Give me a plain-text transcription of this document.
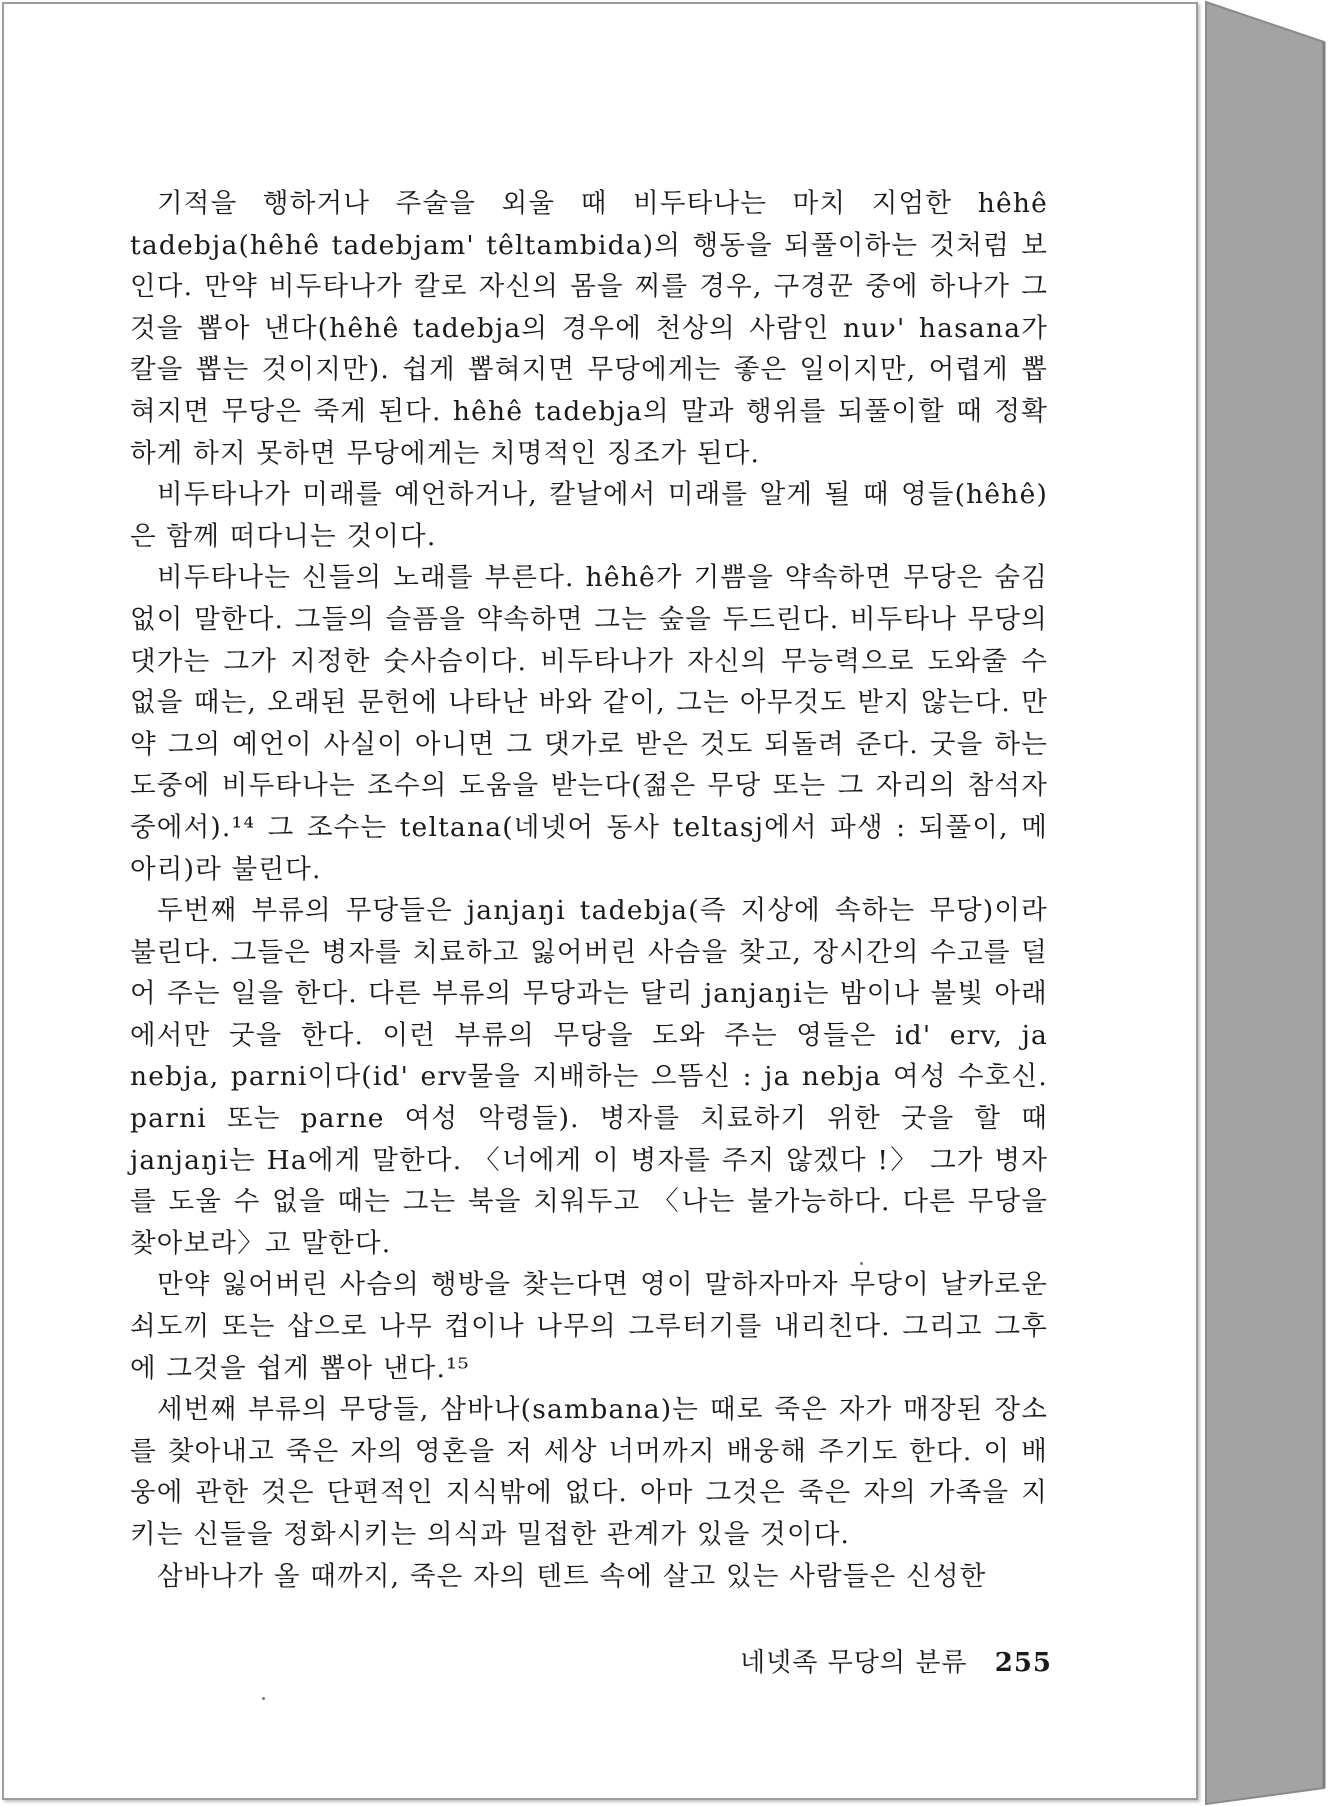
기적을 행하거나 주술을 외울 때 비두타나는 마치 지엄한 hêhê tadebja(hêhê tadebjam' têltambida)의 행동을 되풀이하는 것처럼 보인다. 만약 비두타나가 칼로 자신의 몸을 찌를 경우, 구경꾼 중에 하나가 그것을 뽑아 낸다(hêhê tadebja의 경우에 천상의 사람인 nuν' hasana가 칼을 뽑는 것이지만). 쉽게 뽑혀지면 무당에게는 좋은 일이지만, 어렵게 뽑혀지면 무당은 죽게 된다. hêhê tadebja의 말과 행위를 되풀이할 때 정확하게 하지 못하면 무당에게는 치명적인 징조가 된다.

비두타나가 미래를 예언하거나, 칼날에서 미래를 알게 될 때 영들(hêhê)은 함께 떠다니는 것이다.

비두타나는 신들의 노래를 부른다. hêhê가 기쁨을 약속하면 무당은 숨김없이 말한다. 그들의 슬픔을 약속하면 그는 숲을 두드린다. 비두타나 무당의 댓가는 그가 지정한 숫사슴이다. 비두타나가 자신의 무능력으로 도와줄 수 없을 때는, 오래된 문헌에 나타난 바와 같이, 그는 아무것도 받지 않는다. 만약 그의 예언이 사실이 아니면 그 댓가로 받은 것도 되돌려 준다. 굿을 하는 도중에 비두타나는 조수의 도움을 받는다(젊은 무당 또는 그 자리의 참석자 중에서).¹⁴ 그 조수는 teltana(네넷어 동사 teltasj에서 파생 : 되풀이, 메아리)라 불린다.

두번째 부류의 무당들은 janjaŋi tadebja(즉 지상에 속하는 무당)이라 불린다. 그들은 병자를 치료하고 잃어버린 사슴을 찾고, 장시간의 수고를 덜어 주는 일을 한다. 다른 부류의 무당과는 달리 janjaŋi는 밤이나 불빛 아래에서만 굿을 한다. 이런 부류의 무당을 도와 주는 영들은 id' erv, ja nebja, parni이다(id' erv물을 지배하는 으뜸신 : ja nebja 여성 수호신. parni 또는 parne 여성 악령들). 병자를 치료하기 위한 굿을 할 때 janjaŋi는 Ha에게 말한다. 〈너에게 이 병자를 주지 않겠다 !〉 그가 병자를 도울 수 없을 때는 그는 북을 치워두고 〈나는 불가능하다. 다른 무당을 찾아보라〉고 말한다.

만약 잃어버린 사슴의 행방을 찾는다면 영이 말하자마자 무당이 날카로운 쇠도끼 또는 삽으로 나무 컵이나 나무의 그루터기를 내리친다. 그리고 그후에 그것을 쉽게 뽑아 낸다.¹⁵

세번째 부류의 무당들, 삼바나(sambana)는 때로 죽은 자가 매장된 장소를 찾아내고 죽은 자의 영혼을 저 세상 너머까지 배웅해 주기도 한다. 이 배웅에 관한 것은 단편적인 지식밖에 없다. 아마 그것은 죽은 자의 가족을 지키는 신들을 정화시키는 의식과 밀접한 관계가 있을 것이다.

삼바나가 올 때까지, 죽은 자의 텐트 속에 살고 있는 사람들은 신성한

네넷족 무당의 분류 255
